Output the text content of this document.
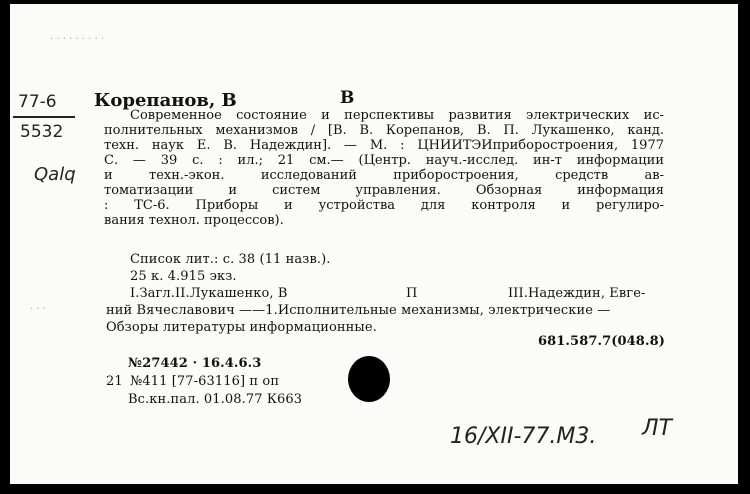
77-6
5532
Qalq
Корепанов, В	В
Современное состояние и перспективы развития электрических ис-
полнительных механизмов / [В. В. Корепанов, В. П. Лукашенко, канд.
техн. наук Е. В. Надеждин]. — М. : ЦНИИТЭИприборостроения, 1977
С. — 39 с. : ил.; 21 см.— (Центр. науч.-исслед. ин-т информации
и техн.-экон. исследований приборостроения, средств ав-
томатизации и систем управления. Обзорная информация
: ТС-6. Приборы и устройства для контроля и регулиро-
вания технол. процессов).
Список лит.: с. 38 (11 назв.).
25 к. 4.915 экз.
I.Загл.II.Лукашенко, В	П	III.Надеждин, Евге-
ний Вячеславович ——1.Исполнительные механизмы, электрические —
Обзоры литературы информационные.
681.587.7(048.8)
№27442 · 16.4.6.3
21 №411 [77-63116] п оп
Вс.кн.пал. 01.08.77 К663
16/XII-77.M3. ЛТ
· · · · · · · · ·
· · ·
